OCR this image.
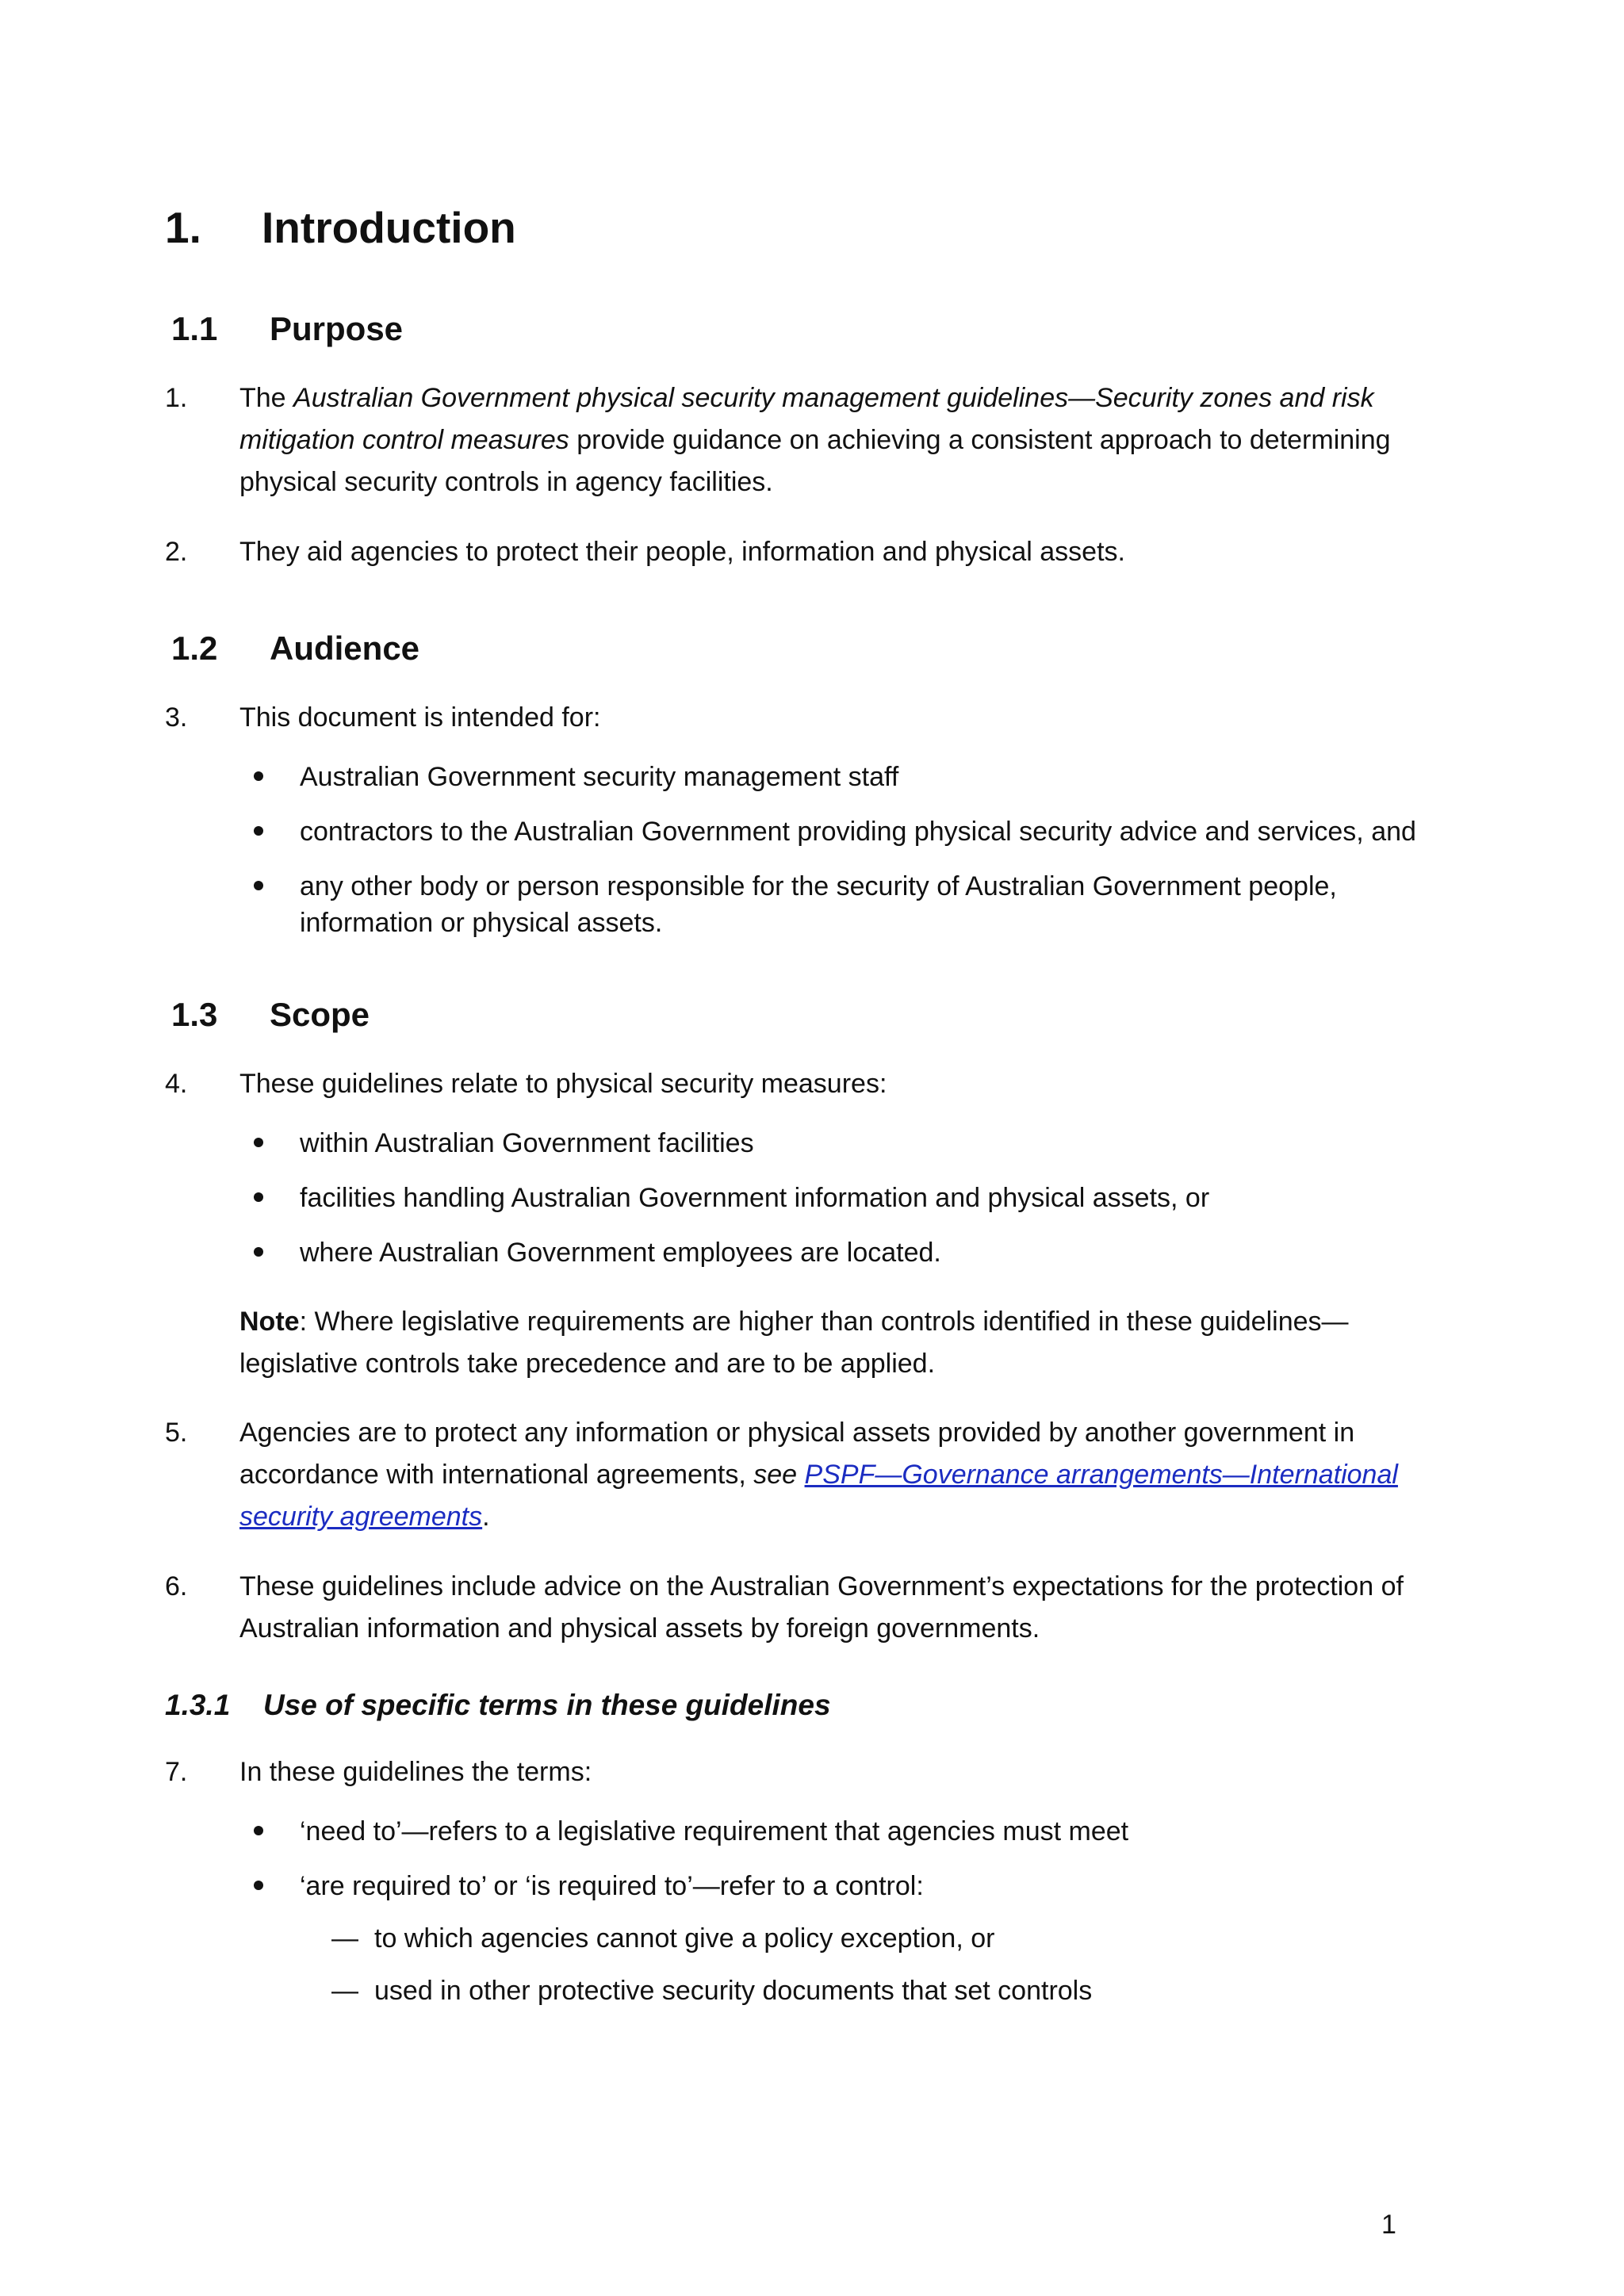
1. Introduction
1.1 Purpose
1. The Australian Government physical security management guidelines—Security zones and risk
mitigation control measures provide guidance on achieving a consistent approach to determining
physical security controls in agency facilities.
2. They aid agencies to protect their people, information and physical assets.
1.2 Audience
3. This document is intended for:
Australian Government security management staff
contractors to the Australian Government providing physical security advice and services, and
any other body or person responsible for the security of Australian Government people,
information or physical assets.
1.3 Scope
4. These guidelines relate to physical security measures:
within Australian Government facilities
facilities handling Australian Government information and physical assets, or
where Australian Government employees are located.
Note: Where legislative requirements are higher than controls identified in these guidelines—
legislative controls take precedence and are to be applied.
5. Agencies are to protect any information or physical assets provided by another government in
accordance with international agreements, see PSPF—Governance arrangements—International
security agreements.
6. These guidelines include advice on the Australian Government’s expectations for the protection of
Australian information and physical assets by foreign governments.
1.3.1 Use of specific terms in these guidelines
7. In these guidelines the terms:
‘need to’—refers to a legislative requirement that agencies must meet
‘are required to’ or ‘is required to’—refer to a control:
— to which agencies cannot give a policy exception, or
— used in other protective security documents that set controls
1
